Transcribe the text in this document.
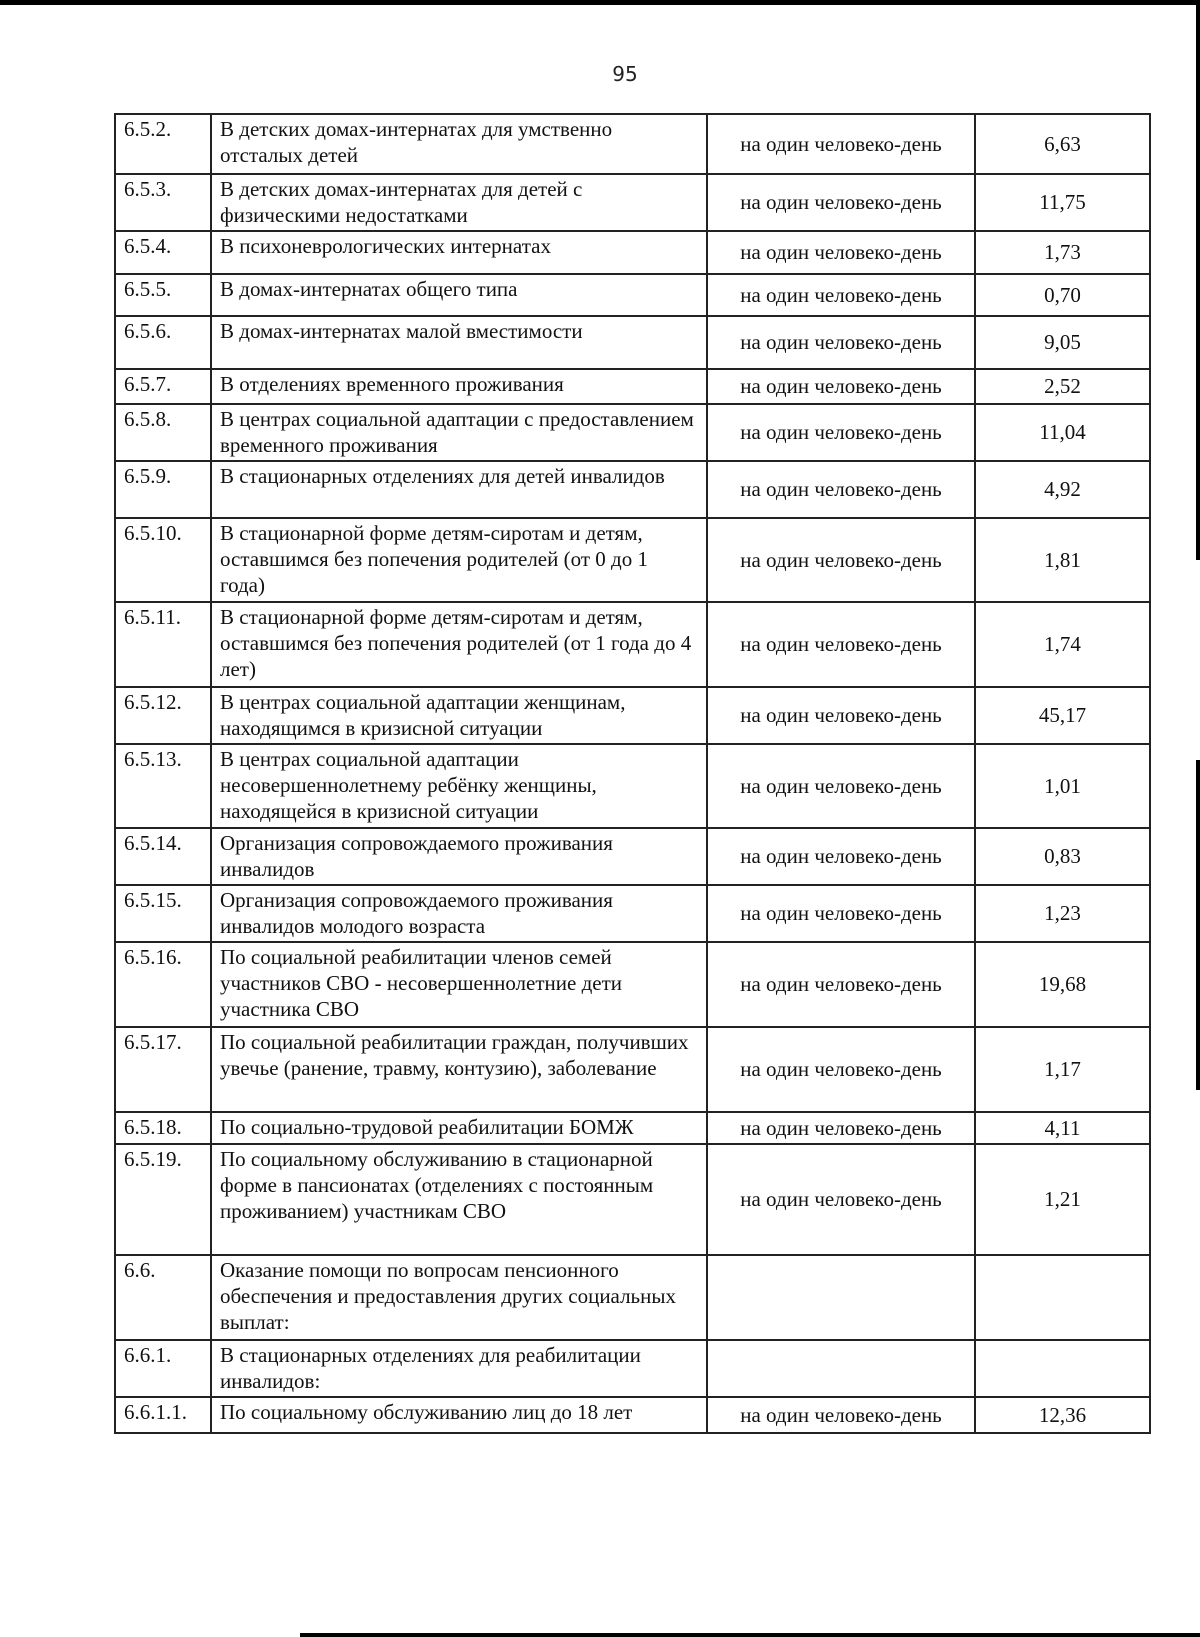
95
6.5.2.	В детских домах-интернатах для умственно отсталых детей	на один человеко-день	6,63
6.5.3.	В детских домах-интернатах для детей с физическими недостатками	на один человеко-день	11,75
6.5.4.	В психоневрологических интернатах	на один человеко-день	1,73
6.5.5.	В домах-интернатах общего типа	на один человеко-день	0,70
6.5.6.	В домах-интернатах малой вместимости	на один человеко-день	9,05
6.5.7.	В отделениях временного проживания	на один человеко-день	2,52
6.5.8.	В центрах социальной адаптации с предоставлением временного проживания	на один человеко-день	11,04
6.5.9.	В стационарных отделениях для детей инвалидов	на один человеко-день	4,92
6.5.10.	В стационарной форме детям-сиротам и детям, оставшимся без попечения родителей (от 0 до 1 года)	на один человеко-день	1,81
6.5.11.	В стационарной форме детям-сиротам и детям, оставшимся без попечения родителей (от 1 года до 4 лет)	на один человеко-день	1,74
6.5.12.	В центрах социальной адаптации женщинам, находящимся в кризисной ситуации	на один человеко-день	45,17
6.5.13.	В центрах социальной адаптации несовершеннолетнему ребёнку женщины, находящейся в кризисной ситуации	на один человеко-день	1,01
6.5.14.	Организация сопровождаемого проживания инвалидов	на один человеко-день	0,83
6.5.15.	Организация сопровождаемого проживания инвалидов молодого возраста	на один человеко-день	1,23
6.5.16.	По социальной реабилитации членов семей участников СВО - несовершеннолетние дети участника СВО	на один человеко-день	19,68
6.5.17.	По социальной реабилитации граждан, получивших увечье (ранение, травму, контузию), заболевание	на один человеко-день	1,17
6.5.18.	По социально-трудовой реабилитации БОМЖ	на один человеко-день	4,11
6.5.19.	По социальному обслуживанию в стационарной форме в пансионатах (отделениях с постоянным проживанием) участникам СВО	на один человеко-день	1,21
6.6.	Оказание помощи по вопросам пенсионного обеспечения и предоставления других социальных выплат:		
6.6.1.	В стационарных отделениях для реабилитации инвалидов:		
6.6.1.1.	По социальному обслуживанию лиц до 18 лет	на один человеко-день	12,36
